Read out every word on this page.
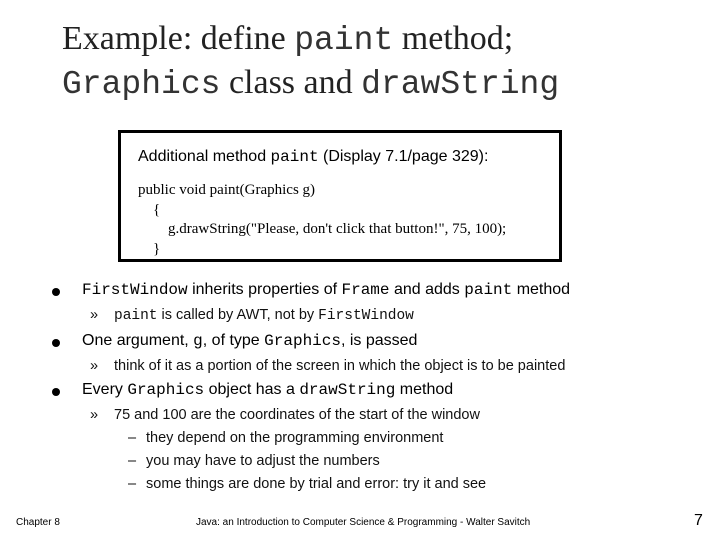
Example: define paint method;
Graphics class and drawString
Additional method paint (Display 7.1/page 329):
public void paint(Graphics g)
{
g.drawString("Please, don't click that button!", 75, 100);
}
FirstWindow inherits properties of Frame and adds paint method
» paint is called by AWT, not by FirstWindow
One argument, g, of type Graphics, is passed
» think of it as a portion of the screen in which the object is to be painted
Every Graphics object has a drawString method
» 75 and 100 are the coordinates of the start of the window
– they depend on the programming environment
– you may have to adjust the numbers
– some things are done by trial and error: try it and see
Chapter 8	Java: an Introduction to Computer Science & Programming - Walter Savitch	7
